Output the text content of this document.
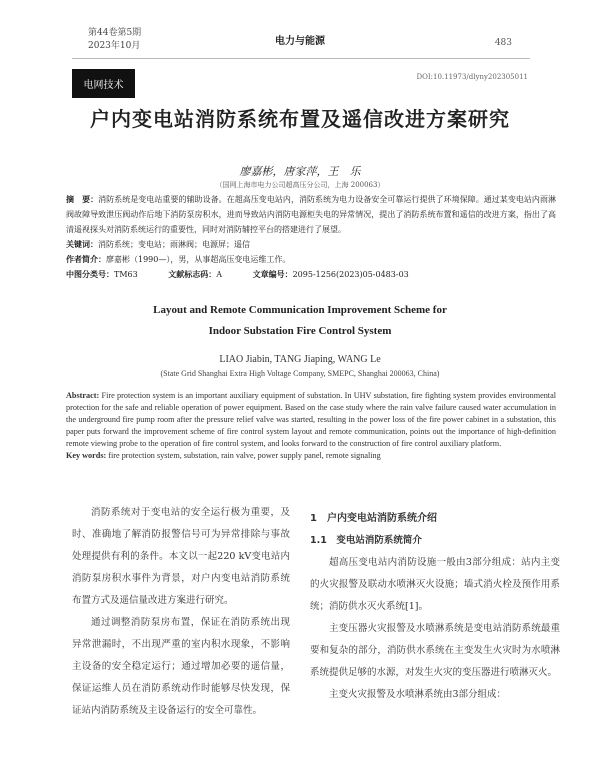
第44卷第5期
2023年10月	电力与能源	483
电网技术
DOI:10.11973/dlyny202305011
户内变电站消防系统布置及遥信改进方案研究
廖嘉彬，唐家萍，王　乐
（国网上海市电力公司超高压分公司，上海 200063）

摘　要：消防系统是变电站重要的辅助设备。在超高压变电站内，消防系统为电力设备安全可靠运行提供了环境保障。通过某变电站内雨淋阀故障导致泄压阀动作后地下消防泵房积水，进而导致站内消防电源柜失电的异常情况，提出了消防系统布置和遥信的改进方案，指出了高清遥视探头对消防系统运行的重要性，同时对消防辅控平台的搭建进行了展望。

关键词：消防系统；变电站；雨淋阀；电源屏；遥信

作者简介：廖嘉彬（1990—），男，从事超高压变电运维工作。

中图分类号：TM63	文献标志码：A	文章编号：2095-1256(2023)05-0483-03

Layout and Remote Communication Improvement Scheme for
Indoor Substation Fire Control System
LIAO Jiabin, TANG Jiaping, WANG Le
(State Grid Shanghai Extra High Voltage Company, SMEPC, Shanghai 200063, China)

Abstract: Fire protection system is an important auxiliary equipment of substation. In UHV substation, fire fighting system provides environmental protection for the safe and reliable operation of power equipment. Based on the case study where the rain valve failure caused water accumulation in the underground fire pump room after the pressure relief valve was started, resulting in the power loss of the fire power cabinet in a substation, this paper puts forward the improvement scheme of fire control system layout and remote communication, points out the importance of high-definition remote viewing probe to the operation of fire control system, and looks forward to the construction of fire control auxiliary platform.

Key words: fire protection system, substation, rain valve, power supply panel, remote signaling

消防系统对于变电站的安全运行极为重要，及时、准确地了解消防报警信号可为异常排除与事故处理提供有利的条件。本文以一起220 kV变电站内消防泵房积水事件为背景，对户内变电站消防系统布置方式及遥信量改进方案进行研究。

通过调整消防泵房布置，保证在消防系统出现异常泄漏时，不出现严重的室内积水现象，不影响主设备的安全稳定运行；通过增加必要的遥信量，保证运维人员在消防系统动作时能够尽快发现，保证站内消防系统及主设备运行的安全可靠性。

1　户内变电站消防系统介绍

1.1　变电站消防系统简介

超高压变电站内消防设施一般由3部分组成：站内主变的火灾报警及联动水喷淋灭火设施；墙式消火栓及预作用系统；消防供水灭火系统[1]。

主变压器火灾报警及水喷淋系统是变电站消防系统最重要和复杂的部分，消防供水系统在主变发生火灾时为水喷淋系统提供足够的水源，对发生火灾的变压器进行喷淋灭火。

主变火灾报警及水喷淋系统由3部分组成：
